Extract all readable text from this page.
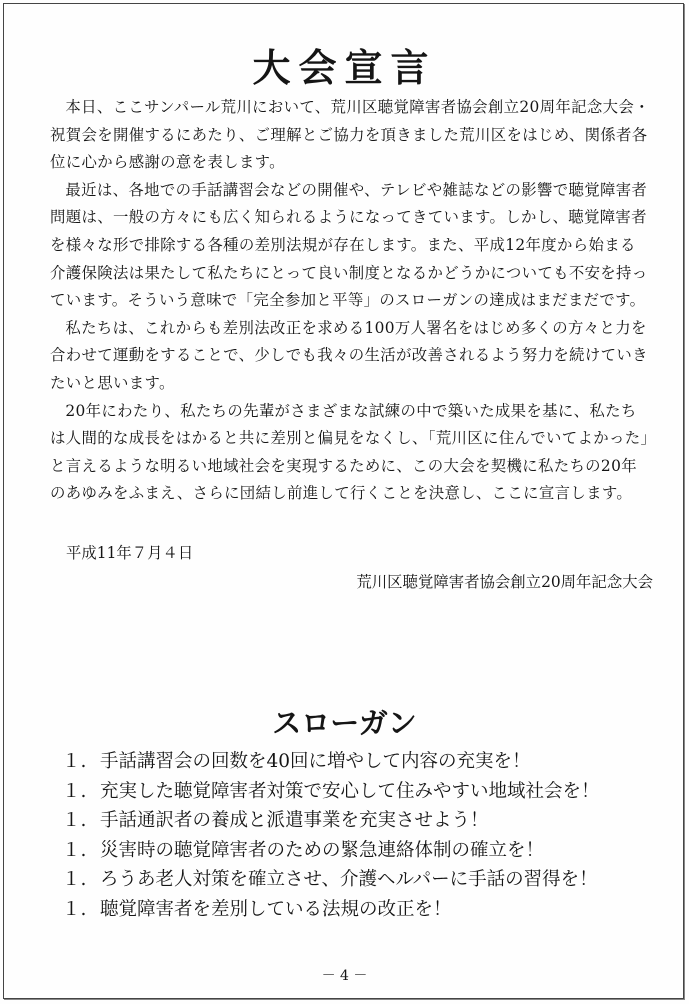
大会宣言

本日、ここサンパール荒川において、荒川区聴覚障害者協会創立20周年記念大会・祝賀会を開催するにあたり、ご理解とご協力を頂きました荒川区をはじめ、関係者各位に心から感謝の意を表します。

最近は、各地での手話講習会などの開催や、テレビや雑誌などの影響で聴覚障害者問題は、一般の方々にも広く知られるようになってきています。しかし、聴覚障害者を様々な形で排除する各種の差別法規が存在します。また、平成12年度から始まる介護保険法は果たして私たちにとって良い制度となるかどうかについても不安を持っています。そういう意味で「完全参加と平等」のスローガンの達成はまだまだです。

私たちは、これからも差別法改正を求める100万人署名をはじめ多くの方々と力を合わせて運動をすることで、少しでも我々の生活が改善されるよう努力を続けていきたいと思います。

20年にわたり、私たちの先輩がさまざまな試練の中で築いた成果を基に、私たちは人間的な成長をはかると共に差別と偏見をなくし、「荒川区に住んでいてよかった」と言えるような明るい地域社会を実現するために、この大会を契機に私たちの20年のあゆみをふまえ、さらに団結し前進して行くことを決意し、ここに宣言します。

平成11年７月４日

荒川区聴覚障害者協会創立20周年記念大会

スローガン
１. 手話講習会の回数を40回に増やして内容の充実を！
１. 充実した聴覚障害者対策で安心して住みやすい地域社会を！
１. 手話通訳者の養成と派遣事業を充実させよう！
１. 災害時の聴覚障害者のための緊急連絡体制の確立を！
１. ろうあ老人対策を確立させ、介護ヘルパーに手話の習得を！
１. 聴覚障害者を差別している法規の改正を！

－ 4 －
